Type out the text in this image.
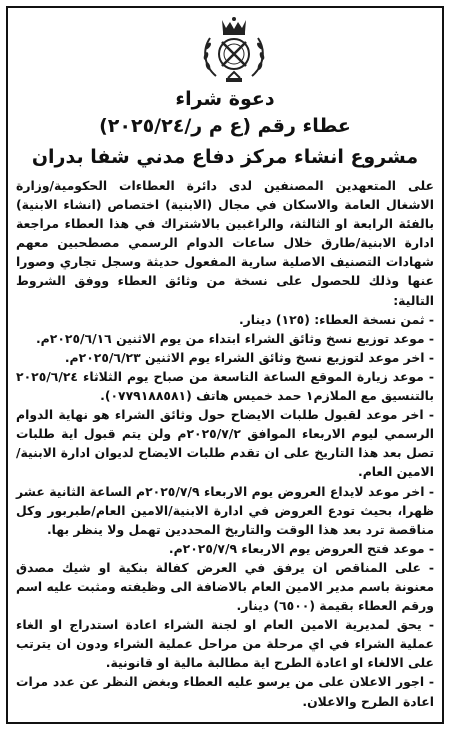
دعوة شراء
عطاء رقم (ع م ر/٢٠٢٥/٢٤)
مشروع انشاء مركز دفاع مدني شفا بدران

على المتعهدين المصنفين لدى دائرة العطاءات الحكومية/وزارة الاشغال العامة والاسكان في مجال (الابنية) اختصاص (انشاء الابنية) بالفئة الرابعة او الثالثة، والراغبين بالاشتراك في هذا العطاء مراجعة ادارة الابنية/طارق خلال ساعات الدوام الرسمي مصطحبين معهم شهادات التصنيف الاصلية سارية المفعول حديثة وسجل تجاري وصورا عنها وذلك للحصول على نسخة من وثائق العطاء ووفق الشروط التالية:

- ثمن نسخة العطاء: (١٢٥) دينار.

- موعد توزيع نسخ وثائق الشراء ابتداء من يوم الاثنين ٢٠٢٥/٦/١٦م.

- اخر موعد لتوزيع نسخ وثائق الشراء يوم الاثنين ٢٠٢٥/٦/٢٣م.

- موعد زيارة الموقع الساعة التاسعة من صباح يوم الثلاثاء ٢٠٢٥/٦/٢٤ بالتنسيق مع الملازم١ حمد خميس هاتف (٠٧٧٩١٨٨٥٨١).

- اخر موعد لقبول طلبات الايضاح حول وثائق الشراء هو نهاية الدوام الرسمي ليوم الاربعاء الموافق ٢٠٢٥/٧/٢م ولن يتم قبول اية طلبات تصل بعد هذا التاريخ على ان تقدم طلبات الايضاح لديوان ادارة الابنية/الامين العام.

- اخر موعد لايداع العروض يوم الاربعاء ٢٠٢٥/٧/٩م الساعة الثانية عشر ظهرا، بحيث تودع العروض في ادارة الابنية/الامين العام/طبربور وكل مناقصة ترد بعد هذا الوقت والتاريخ المحددين تهمل ولا ينظر بها.

- موعد فتح العروض يوم الاربعاء ٢٠٢٥/٧/٩م.

- على المناقص ان يرفق في العرض كفالة بنكية او شيك مصدق معنونة باسم مدير الامين العام بالاضافة الى وظيفته ومثبت عليه اسم ورقم العطاء بقيمة (٦٥٠٠) دينار.

- يحق لمديرية الامين العام او لجنة الشراء اعادة استدراج او الغاء عملية الشراء في اي مرحلة من مراحل عملية الشراء ودون ان يترتب على الالغاء او اعادة الطرح اية مطالبة مالية او قانونية.

- اجور الاعلان على من يرسو عليه العطاء وبغض النظر عن عدد مرات اعادة الطرح والاعلان.
